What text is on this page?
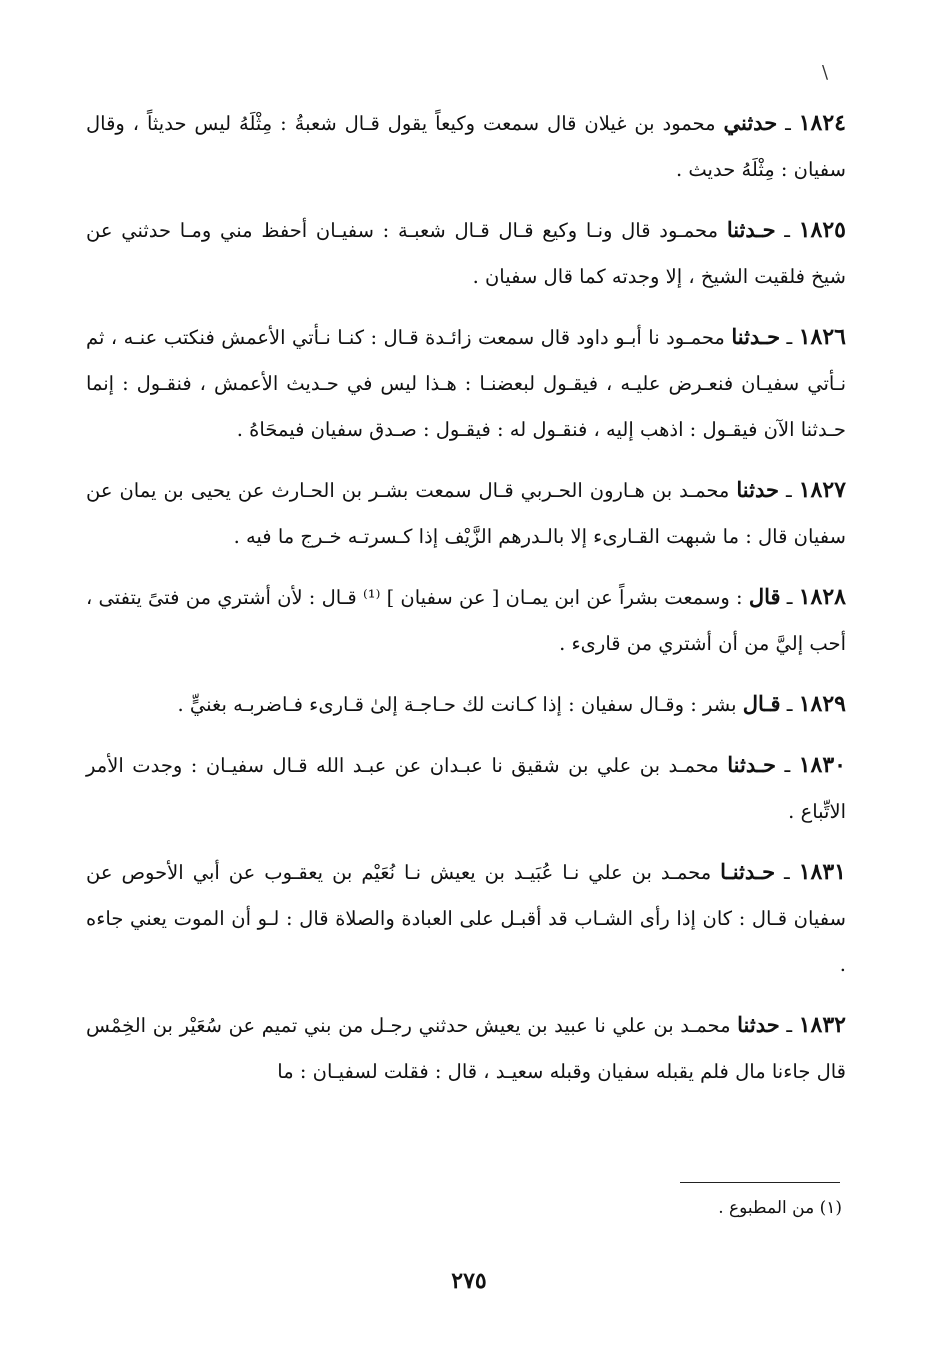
\

١٨٢٤ ـ حدثني محمود بن غيلان قال سمعت وكيعاً يقول قـال شعبةُ : مِثْلَهُ ليس حديثاً ، وقال سفيان : مِثْلَهُ حديث .

١٨٢٥ ـ حـدثنا محمـود قال ونـا وكيع قـال قـال شعبـة : سفيـان أحفظ مني ومـا حدثني عن شيخ فلقيت الشيخ ، إلا وجدته كما قال سفيان .

١٨٢٦ ـ حـدثنا محمـود نا أبـو داود قال سمعت زائـدة قـال : كنـا نـأتي الأعمش فنكتب عنـه ، ثم نـأتي سفيـان فنعـرض عليـه ، فيقـول لبعضنـا : هـذا ليس في حـديث الأعمش ، فنقـول : إنما حـدثنا الآن فيقـول : اذهب إليه ، فنقـول له : فيقـول : صـدق سفيان فيمحَاهُ .

١٨٢٧ ـ حدثنا محمـد بن هـارون الحـربي قـال سمعت بشـر بن الحـارث عن يحيى بن يمان عن سفيان قال : ما شبهت القـارىء إلا بالـدرهم الزَّيْف إذا كـسرتـه خـرج ما فيه .

١٨٢٨ ـ قال : وسمعت بشراً عن ابن يمـان [ عن سفيان ] ⁽¹⁾ قـال : لأن أشتري من فتىً يتفتى ، أحب إليَّ من أن أشتري من قارىء .

١٨٢٩ ـ قـال بشر : وقـال سفيان : إذا كـانت لك حـاجـة إلىٰ قـارىء فـاضربـه بغنيٍّ .

١٨٣٠ ـ حـدثنا محمـد بن علي بن شقيق نا عبـدان عن عبـد الله قـال سفيـان : وجدت الأمر الاتِّباع .

١٨٣١ ـ حـدثنـا محمـد بن علي نـا عُبَيـد بن يعيش نـا نُعَيْم بن يعقـوب عن أبي الأحوص عن سفيان قـال : كان إذا رأى الشـاب قد أقبـل على العبادة والصلاة قال : لـو أن الموت يعني جاءه .

١٨٣٢ ـ حدثنا محمـد بن علي نا عبيد بن يعيش حدثني رجـل من بني تميم عن سُعَيْر بن الخِمْس قال جاءنا مال فلم يقبله سفيان وقبله سعيـد ، قال : فقلت لسفيـان : ما

(١) من المطبوع .
٢٧٥
